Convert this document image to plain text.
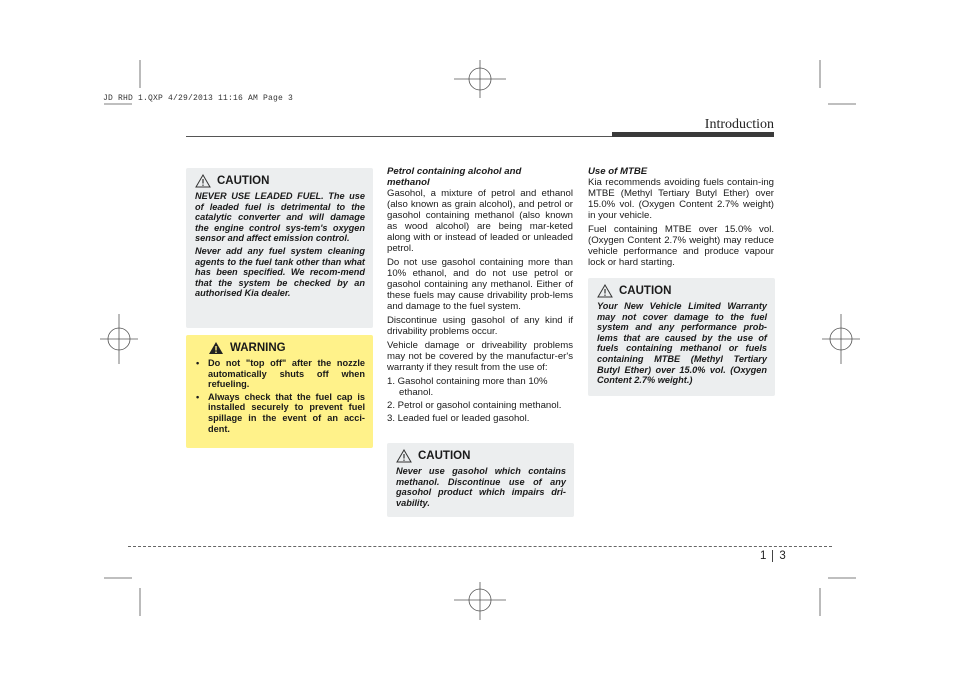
JD RHD 1.QXP 4/29/2013 11:16 AM Page 3
Introduction
CAUTION

NEVER USE LEADED FUEL. The use of leaded fuel is detrimental to the catalytic converter and will damage the engine control sys-tem's oxygen sensor and affect emission control.

Never add any fuel system cleaning agents to the fuel tank other than what has been specified. We recom-mend that the system be checked by an authorised Kia dealer.

WARNING
• Do not "top off" after the nozzle automatically shuts off when refueling.
• Always check that the fuel cap is installed securely to prevent fuel spillage in the event of an acci-dent.
Petrol containing alcohol and methanol

Gasohol, a mixture of petrol and ethanol (also known as grain alcohol), and petrol or gasohol containing methanol (also known as wood alcohol) are being mar-keted along with or instead of leaded or unleaded petrol.

Do not use gasohol containing more than 10% ethanol, and do not use petrol or gasohol containing any methanol. Either of these fuels may cause drivability prob-lems and damage to the fuel system.

Discontinue using gasohol of any kind if drivability problems occur.

Vehicle damage or driveability problems may not be covered by the manufactur-er's warranty if they result from the use of:

1. Gasohol containing more than 10% ethanol.
2. Petrol or gasohol containing methanol.
3. Leaded fuel or leaded gasohol.
CAUTION

Never use gasohol which contains methanol. Discontinue use of any gasohol product which impairs dri-vability.

Use of MTBE

Kia recommends avoiding fuels contain-ing MTBE (Methyl Tertiary Butyl Ether) over 15.0% vol. (Oxygen Content 2.7% weight) in your vehicle.

Fuel containing MTBE over 15.0% vol. (Oxygen Content 2.7% weight) may reduce vehicle performance and produce vapour lock or hard starting.

CAUTION

Your New Vehicle Limited Warranty may not cover damage to the fuel system and any performance prob-lems that are caused by the use of fuels containing methanol or fuels containing MTBE (Methyl Tertiary Butyl Ether) over 15.0% vol. (Oxygen Content 2.7% weight.)

1 3
